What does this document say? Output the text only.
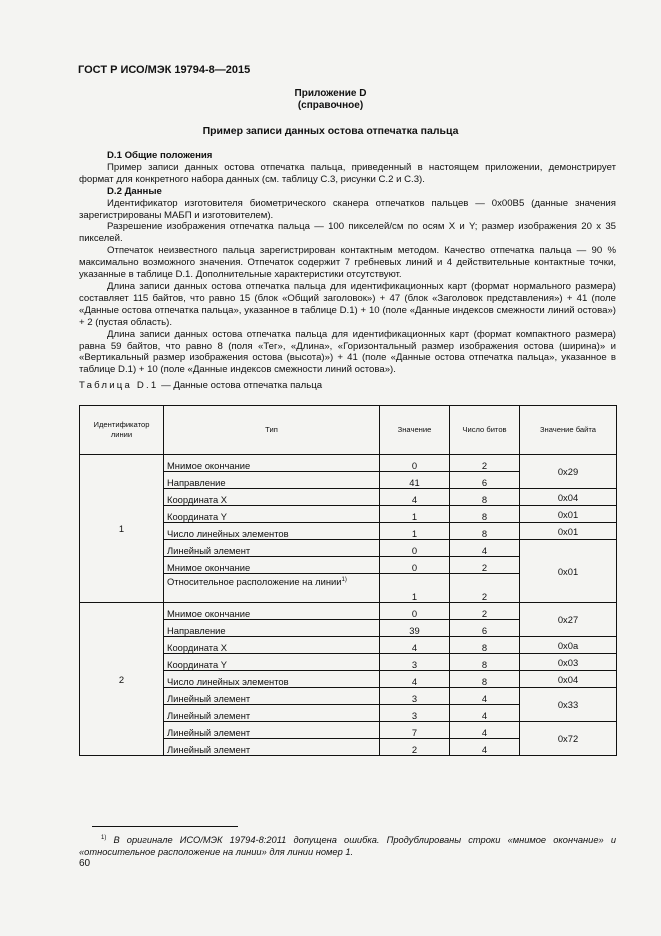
ГОСТ Р ИСО/МЭК 19794-8—2015
Приложение D
(справочное)
Пример записи данных остова отпечатка пальца
D.1 Общие положения

Пример записи данных остова отпечатка пальца, приведенный в настоящем приложении, демонстрирует формат для конкретного набора данных (см. таблицу С.3, рисунки С.2 и С.3).

D.2 Данные

Идентификатор изготовителя биометрического сканера отпечатков пальцев — 0x00B5 (данные значения зарегистрированы МАБП и изготовителем).

Разрешение изображения отпечатка пальца — 100 пикселей/см по осям X и Y; размер изображения 20 x 35 пикселей.

Отпечаток неизвестного пальца зарегистрирован контактным методом. Качество отпечатка пальца — 90 % максимально возможного значения. Отпечаток содержит 7 гребневых линий и 4 действительные контактные точки, указанные в таблице D.1. Дополнительные характеристики отсутствуют.

Длина записи данных остова отпечатка пальца для идентификационных карт (формат нормального размера) составляет 115 байтов, что равно 15 (блок «Общий заголовок») + 47 (блок «Заголовок представления») + 41 (поле «Данные остова отпечатка пальца», указанное в таблице D.1) + 10 (поле «Данные индексов смежности линий остова») + 2 (пустая область).

Длина записи данных остова отпечатка пальца для идентификационных карт (формат компактного размера) равна 59 байтов, что равно 8 (поля «Тег», «Длина», «Горизонтальный размер изображения остова (ширина)» и «Вертикальный размер изображения остова (высота)») + 41 (поле «Данные остова отпечатка пальца», указанное в таблице D.1) + 10 (поле «Данные индексов смежности линий остова»).

Таблица D.1 — Данные остова отпечатка пальца
Идентификатор линии	Тип	Значение	Число битов	Значение байта
1	Мнимое окончание	0	2	0x29
	Направление	41	6	
	Координата X	4	8	0x04
	Координата Y	1	8	0x01
	Число линейных элементов	1	8	0x01
	Линейный элемент	0	4	0x01
	Мнимое окончание	0	2	
	Относительное расположение на линии$^{1)}$	1	2	
2	Мнимое окончание	0	2	0x27
	Направление	39	6	
	Координата X	4	8	0x0a
	Координата Y	3	8	0x03
	Число линейных элементов	4	8	0x04
	Линейный элемент	3	4	0x33
	Линейный элемент	3	4	
	Линейный элемент	7	4	0x72
	Линейный элемент	2	4	
$^{1)}$ В оригинале ИСО/МЭК 19794-8:2011 допущена ошибка. Продублированы строки «мнимое окончание» и «относительное расположение на линии» для линии номер 1.
60
